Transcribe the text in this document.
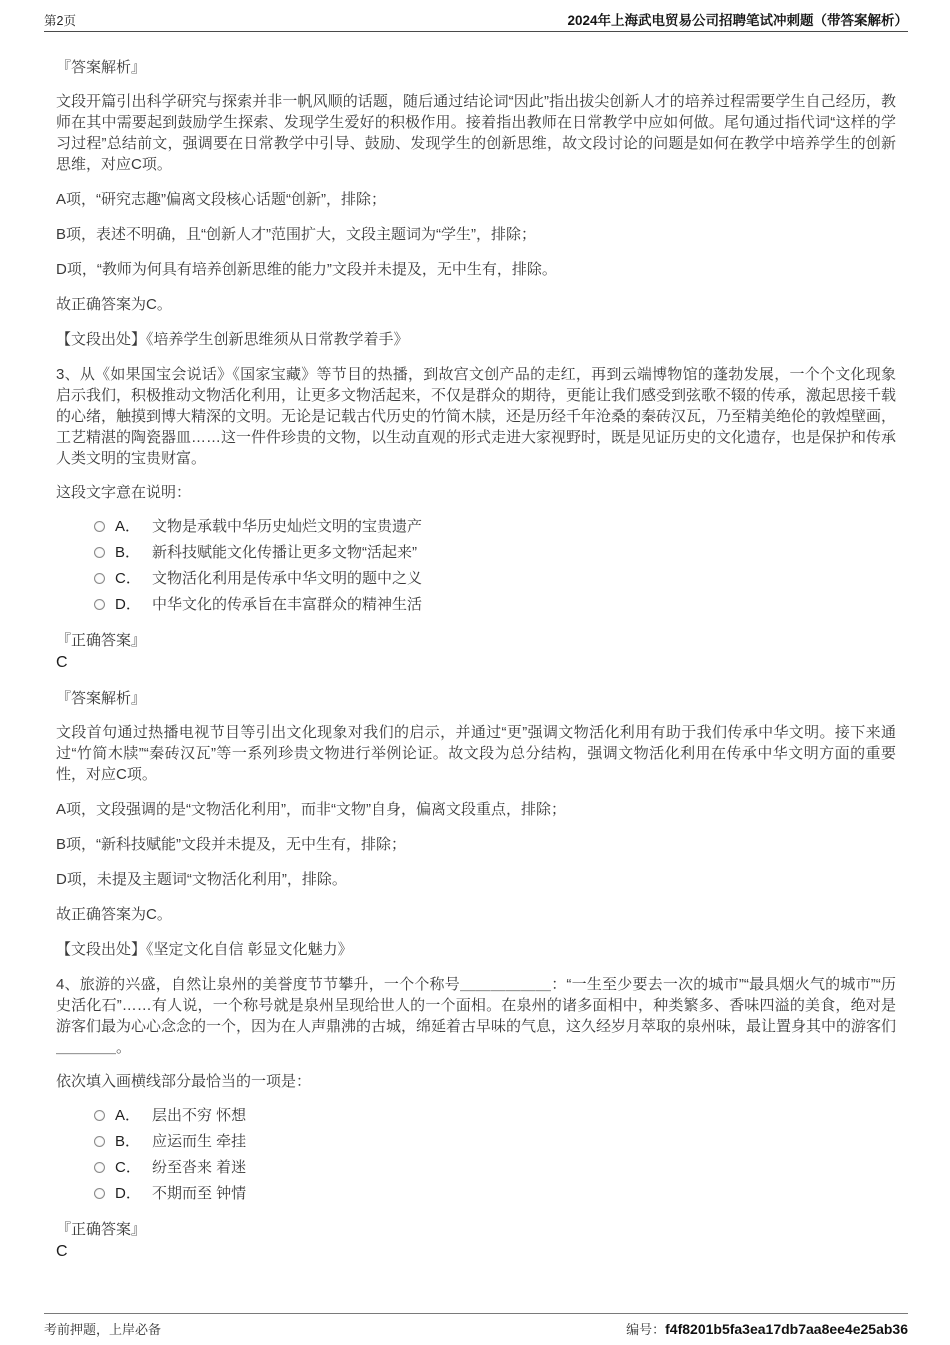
第2页	2024年上海武电贸易公司招聘笔试冲刺题（带答案解析）

『答案解析』

文段开篇引出科学研究与探索并非一帆风顺的话题，随后通过结论词“因此”指出拔尖创新人才的培养过程需要学生自己经历，教师在其中需要起到鼓励学生探索、发现学生爱好的积极作用。接着指出教师在日常教学中应如何做。尾句通过指代词“这样的学习过程”总结前文，强调要在日常教学中引导、鼓励、发现学生的创新思维，故文段讨论的问题是如何在教学中培养学生的创新思维，对应C项。

A项，“研究志趣”偏离文段核心话题“创新”，排除；

B项，表述不明确，且“创新人才”范围扩大，文段主题词为“学生”，排除；

D项，“教师为何具有培养创新思维的能力”文段并未提及，无中生有，排除。

故正确答案为C。

【文段出处】《培养学生创新思维须从日常教学着手》

3、从《如果国宝会说话》《国家宝藏》等节目的热播，到故宫文创产品的走红，再到云端博物馆的蓬勃发展，一个个文化现象启示我们，积极推动文物活化利用，让更多文物活起来，不仅是群众的期待，更能让我们感受到弦歌不辍的传承，激起思接千载的心绪，触摸到博大精深的文明。无论是记载古代历史的竹简木牍，还是历经千年沧桑的秦砖汉瓦，乃至精美绝伦的敦煌壁画，工艺精湛的陶瓷器皿……这一件件珍贵的文物，以生动直观的形式走进大家视野时，既是见证历史的文化遗存，也是保护和传承人类文明的宝贵财富。

这段文字意在说明：

A． 文物是承载中华历史灿烂文明的宝贵遗产
B． 新科技赋能文化传播让更多文物“活起来”
C． 文物活化利用是传承中华文明的题中之义
D． 中华文化的传承旨在丰富群众的精神生活

『正确答案』

C

『答案解析』

文段首句通过热播电视节目等引出文化现象对我们的启示，并通过“更”强调文物活化利用有助于我们传承中华文明。接下来通过“竹简木牍”“秦砖汉瓦”等一系列珍贵文物进行举例论证。故文段为总分结构，强调文物活化利用在传承中华文明方面的重要性，对应C项。

A项，文段强调的是“文物活化利用”，而非“文物”自身，偏离文段重点，排除；

B项，“新科技赋能”文段并未提及，无中生有，排除；

D项，未提及主题词“文物活化利用”，排除。

故正确答案为C。

【文段出处】《坚定文化自信 彰显文化魅力》

4、旅游的兴盛，自然让泉州的美誉度节节攀升，一个个称号＿＿＿＿＿＿：“一生至少要去一次的城市”“最具烟火气的城市”“历史活化石”……有人说，一个称号就是泉州呈现给世人的一个面相。在泉州的诸多面相中，种类繁多、香味四溢的美食，绝对是游客们最为心心念念的一个，因为在人声鼎沸的古城，绵延着古早味的气息，这久经岁月萃取的泉州味，最让置身其中的游客们＿＿＿＿。

依次填入画横线部分最恰当的一项是：

A． 层出不穷 怀想
B． 应运而生 牵挂
C． 纷至沓来 着迷
D． 不期而至 钟情

『正确答案』

C

考前押题，上岸必备	编号：f4f8201b5fa3ea17db7aa8ee4e25ab36
